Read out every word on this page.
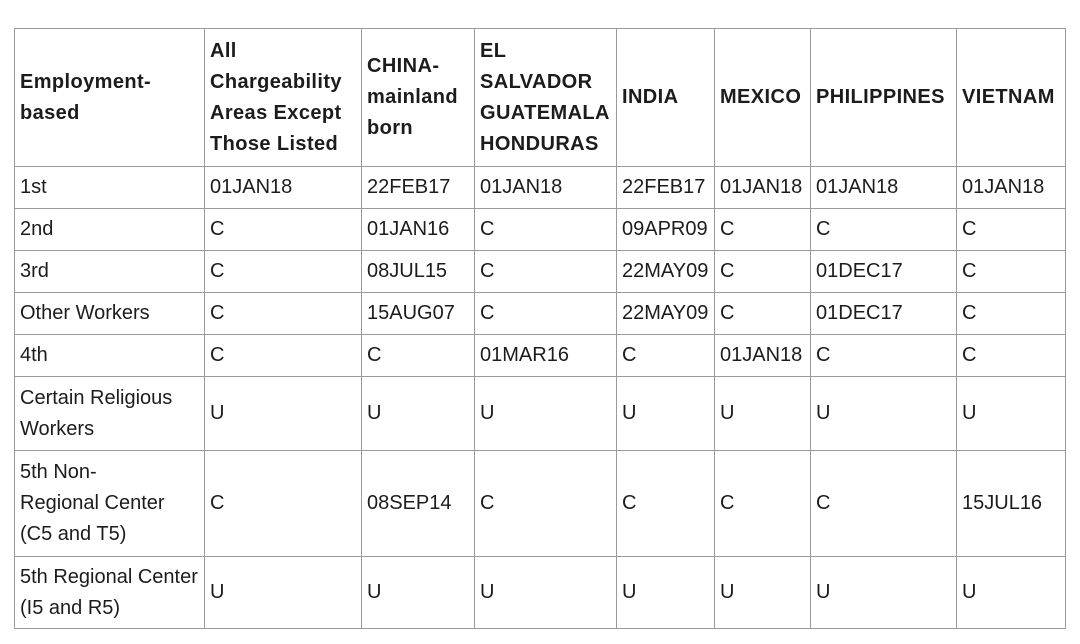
Employment-
based	All
Chargeability
Areas Except
Those Listed	CHINA-
mainland
born	EL
SALVADOR
GUATEMALA
HONDURAS	INDIA	MEXICO	PHILIPPINES	VIETNAM
1st	01JAN18	22FEB17	01JAN18	22FEB17	01JAN18	01JAN18	01JAN18
2nd	C	01JAN16	C	09APR09	C	C	C
3rd	C	08JUL15	C	22MAY09	C	01DEC17	C
Other Workers	C	15AUG07	C	22MAY09	C	01DEC17	C
4th	C	C	01MAR16	C	01JAN18	C	C
Certain Religious
Workers	U	U	U	U	U	U	U
5th Non-
Regional Center
(C5 and T5)	C	08SEP14	C	C	C	C	15JUL16
5th Regional Center
(I5 and R5)	U	U	U	U	U	U	U
